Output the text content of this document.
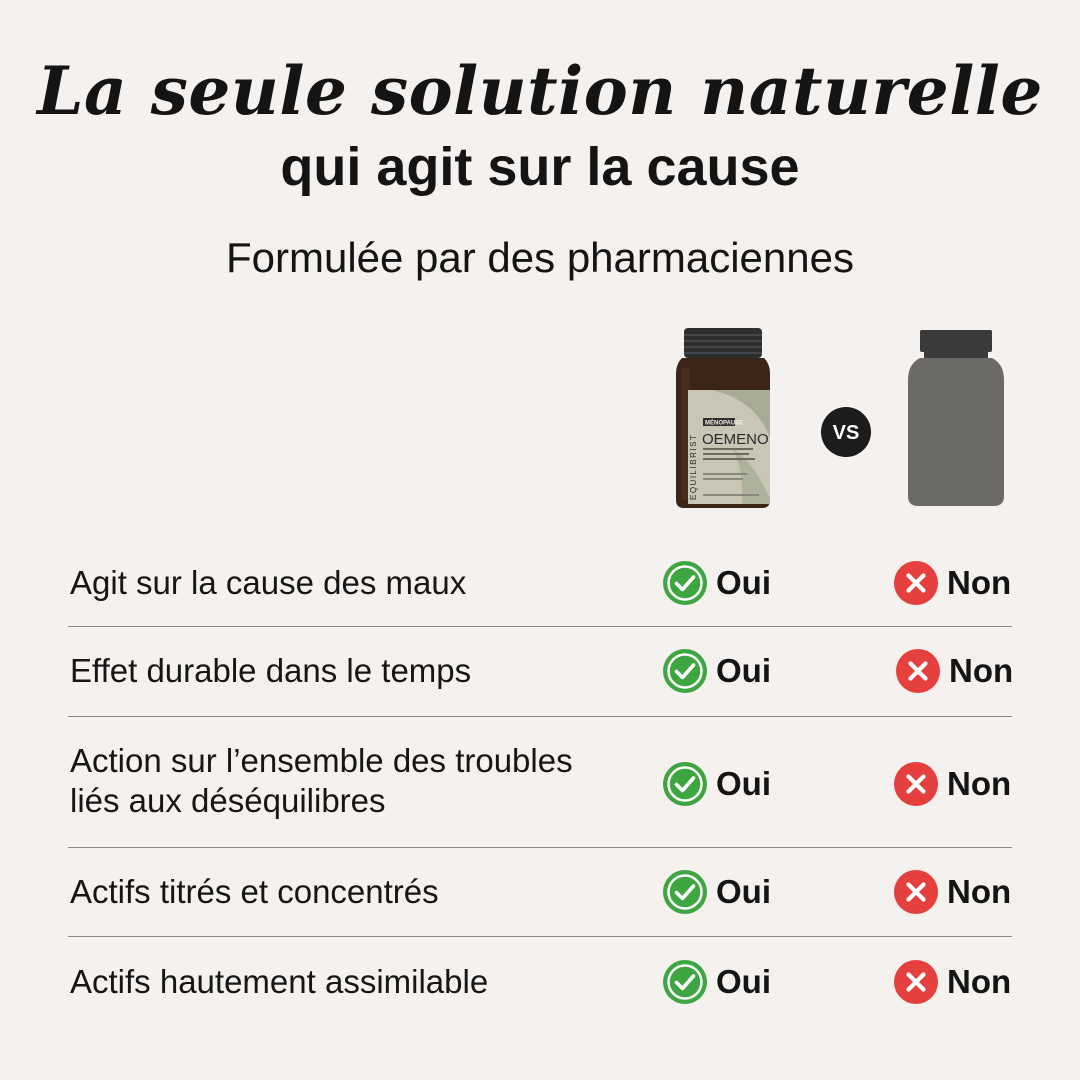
La seule solution naturelle
qui agit sur la cause
Formulée par des pharmaciennes
MÉNOPAUSE
OEMENO
EQUILIBRIST
VS
Agit sur la cause des maux	Oui	Non
Effet durable dans le temps	Oui	Non
Action sur l’ensemble des troubles
liés aux déséquilibres	Oui	Non
Actifs titrés et concentrés	Oui	Non
Actifs hautement assimilable	Oui	Non
